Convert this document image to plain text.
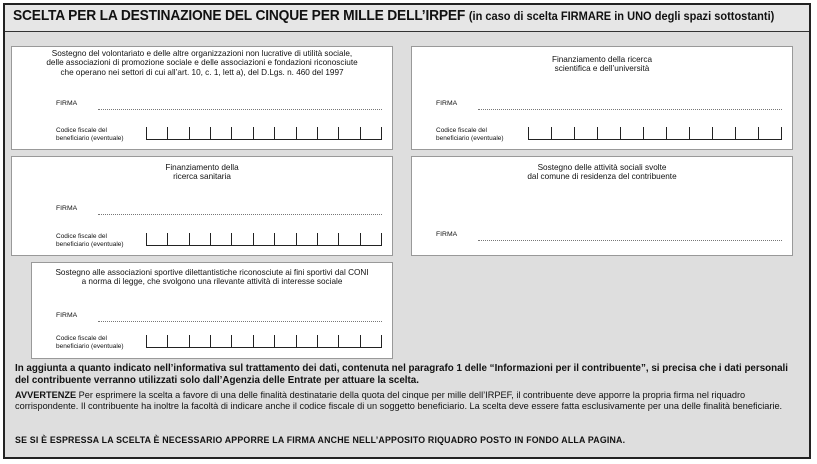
SCELTA PER LA DESTINAZIONE DEL CINQUE PER MILLE DELL’IRPEF (in caso di scelta FIRMARE in UNO degli spazi sottostanti)
Sostegno del volontariato e delle altre organizzazioni non lucrative di utilità sociale,
delle associazioni di promozione sociale e delle associazioni e fondazioni riconosciute
che operano nei settori di cui all’art. 10, c. 1, lett a), del D.Lgs. n. 460 del 1997
FIRMA
Codice fiscale del
beneficiario (eventuale)
Finanziamento della ricerca
scientifica e dell’università
FIRMA
Codice fiscale del
beneficiario (eventuale)
Finanziamento della
ricerca sanitaria
FIRMA
Codice fiscale del
beneficiario (eventuale)
Sostegno delle attività sociali svolte
dal comune di residenza del contribuente
FIRMA
Sostegno alle associazioni sportive dilettantistiche riconosciute ai fini sportivi dal CONI
a norma di legge, che svolgono una rilevante attività di interesse sociale
FIRMA
Codice fiscale del
beneficiario (eventuale)
In aggiunta a quanto indicato nell’informativa sul trattamento dei dati, contenuta nel paragrafo 1 delle “Informazioni per il contribuente”, si precisa che i dati personali del contribuente verranno utilizzati solo dall’Agenzia delle Entrate per attuare la scelta.
AVVERTENZE Per esprimere la scelta a favore di una delle finalità destinatarie della quota del cinque per mille dell’IRPEF, il contribuente deve apporre la propria firma nel riquadro corrispondente. Il contribuente ha inoltre la facoltà di indicare anche il codice fiscale di un soggetto beneficiario. La scelta deve essere fatta esclusivamente per una delle finalità beneficiarie.
SE SI È ESPRESSA LA SCELTA È NECESSARIO APPORRE LA FIRMA ANCHE NELL’APPOSITO RIQUADRO POSTO IN FONDO ALLA PAGINA.
